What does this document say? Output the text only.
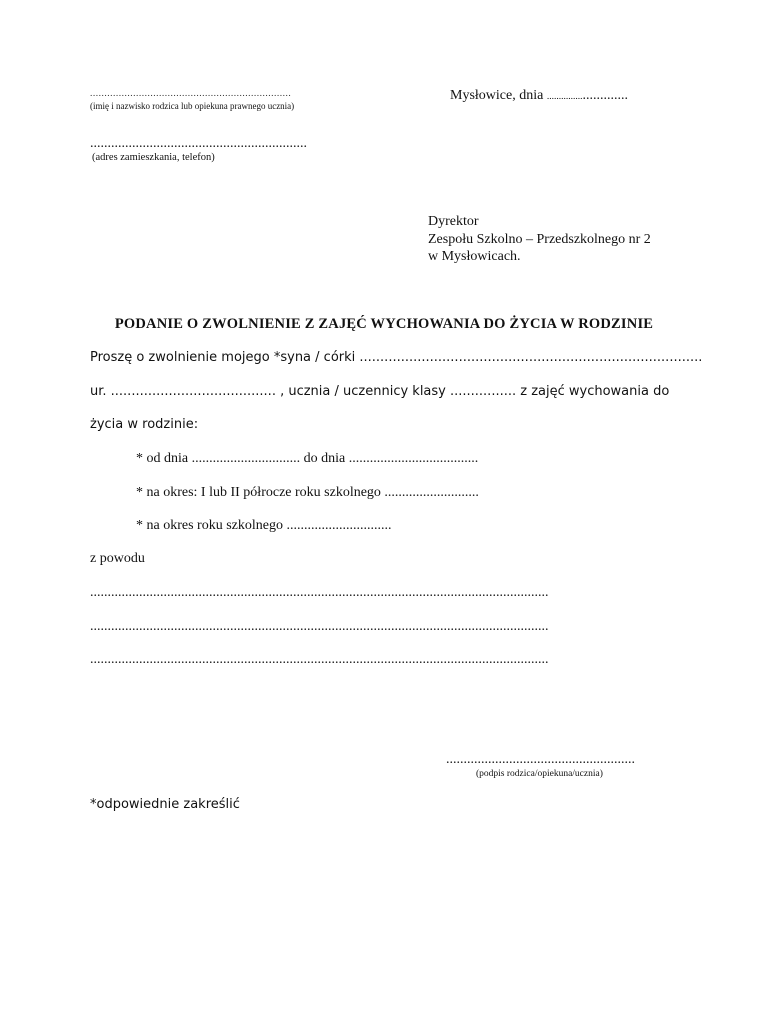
......................................................................
(imię i nazwisko rodzica lub opiekuna prawnego ucznia)
Mysłowice, dnia ............................
..............................................................
(adres zamieszkania, telefon)
Dyrektor
Zespołu Szkolno – Przedszkolnego nr 2
w Mysłowicach.
PODANIE O ZWOLNIENIE Z ZAJĘĆ WYCHOWANIA DO ŻYCIA W RODZINIE
Proszę o zwolnienie mojego *syna / córki ...................................................................................
ur. ........................................ , ucznia / uczennicy klasy ................ z zajęć wychowania do
życia w rodzinie:
* od dnia ............................... do dnia .....................................
* na okres: I lub II półrocze roku szkolnego ...........................
* na okres roku szkolnego ..............................
z powodu
...................................................................................................................................
...................................................................................................................................
...................................................................................................................................
......................................................
(podpis rodzica/opiekuna/ucznia)
*odpowiednie zakreślić
